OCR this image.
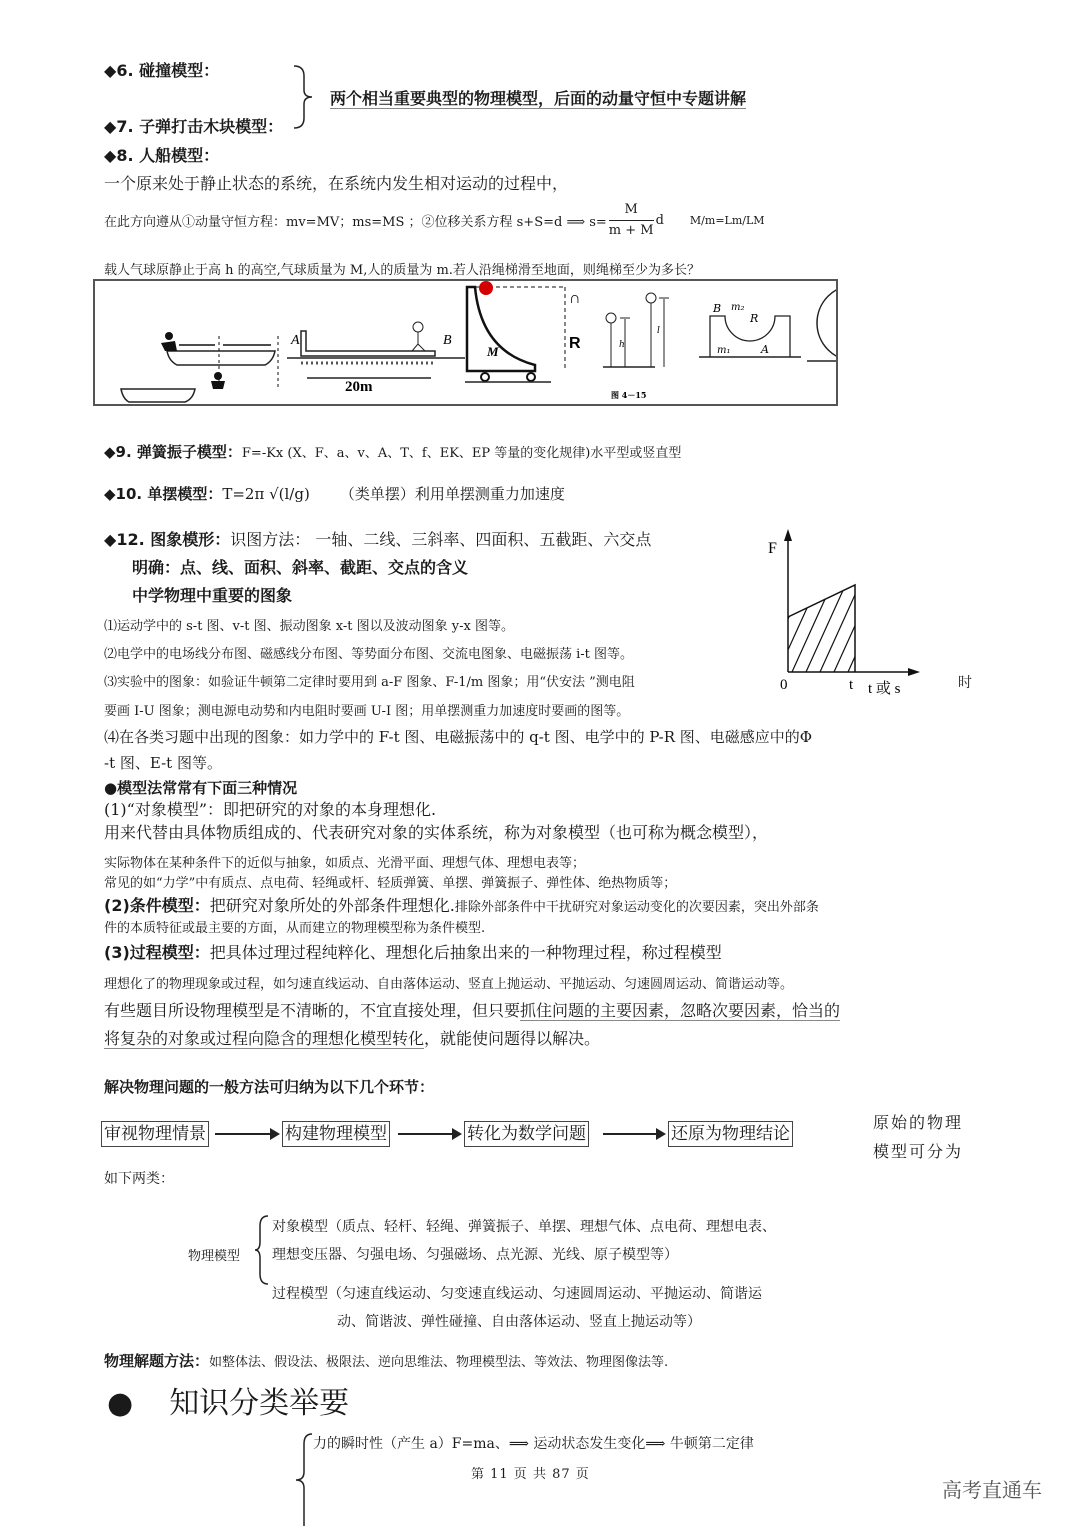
◆6. 碰撞模型：
两个相当重要典型的物理模型，后面的动量守恒中专题讲解
◆7. 子弹打击木块模型：
◆8. 人船模型：
一个原来处于静止状态的系统，在系统内发生相对运动的过程中，
在此方向遵从①动量守恒方程：mv=MV；ms=MS ；②位移关系方程 s+S=d ⟹ $s= \frac{M}{m + M}$ d M/m=Lm/LM
载人气球原静止于高 h 的高空,气球质量为 M,人的质量为 m.若人沿绳梯滑至地面，则绳梯至少为多长？
A	B
20m
M	R
∩
h
l
B m₂
R
m₁	A
图 4－15
◆9. 弹簧振子模型：F=-Kx (X、F、a、v、A、T、f、EK、EP 等量的变化规律)水平型或竖直型
◆10. 单摆模型：T=2π √(l/g) （类单摆）利用单摆测重力加速度
◆12. 图象模形：识图方法： 一轴、二线、三斜率、四面积、五截距、六交点
明确：点、线、面积、斜率、截距、交点的含义
中学物理中重要的图象
⑴运动学中的 s-t 图、v-t 图、振动图象 x-t 图以及波动图象 y-x 图等。
⑵电学中的电场线分布图、磁感线分布图、等势面分布图、交流电图象、电磁振荡 i-t 图等。
⑶实验中的图象：如验证牛顿第二定律时要用到 a-F 图象、F-1/m 图象；用“伏安法 ”测电阻
要画 I-U 图象；测电源电动势和内电阻时要画 U-I 图；用单摆测重力加速度时要画的图等。
⑷在各类习题中出现的图象：如力学中的 F-t 图、电磁振荡中的 q-t 图、电学中的 P-R 图、电磁感应中的Φ
-t 图、E-t 图等。
时
F
0	t t 或 s
●模型法常常有下面三种情况
(1)“对象模型”：即把研究的对象的本身理想化.
用来代替由具体物质组成的、代表研究对象的实体系统，称为对象模型（也可称为概念模型），
实际物体在某种条件下的近似与抽象，如质点、光滑平面、理想气体、理想电表等；
常见的如“力学”中有质点、点电荷、轻绳或杆、轻质弹簧、单摆、弹簧振子、弹性体、绝热物质等；
(2)条件模型：把研究对象所处的外部条件理想化.排除外部条件中干扰研究对象运动变化的次要因素，突出外部条
件的本质特征或最主要的方面，从而建立的物理模型称为条件模型.
(3)过程模型：把具体过理过程纯粹化、理想化后抽象出来的一种物理过程，称过程模型
理想化了的物理现象或过程，如匀速直线运动、自由落体运动、竖直上抛运动、平抛运动、匀速圆周运动、简谐运动等。
有些题目所设物理模型是不清晰的，不宜直接处理，但只要抓住问题的主要因素，忽略次要因素，恰当的
将复杂的对象或过程向隐含的理想化模型转化，就能使问题得以解决。
解决物理问题的一般方法可归纳为以下几个环节：
审视物理情景	构建物理模型	转化为数学问题	还原为物理结论
原始的物理
模型可分为
如下两类：
物理模型
对象模型（质点、轻杆、轻绳、弹簧振子、单摆、理想气体、点电荷、理想电表、
理想变压器、匀强电场、匀强磁场、点光源、光线、原子模型等）
过程模型（匀速直线运动、匀变速直线运动、匀速圆周运动、平抛运动、简谐运
动、简谐波、弹性碰撞、自由落体运动、竖直上抛运动等）
物理解题方法：如整体法、假设法、极限法、逆向思维法、物理模型法、等效法、物理图像法等.
● 知识分类举要
力的瞬时性（产生 a）F=ma、⟹ 运动状态发生变化⟹ 牛顿第二定律
第 11 页 共 87 页
高考直通车
